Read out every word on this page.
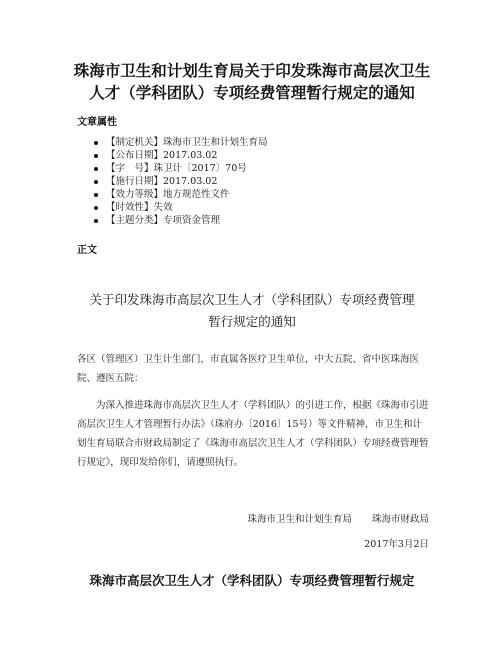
珠海市卫生和计划生育局关于印发珠海市高层次卫生
人才（学科团队）专项经费管理暂行规定的通知

文章属性

【制定机关】珠海市卫生和计划生育局
【公布日期】2017.03.02
【字　号】珠卫计〔2017〕70号
【施行日期】2017.03.02
【效力等级】地方规范性文件
【时效性】失效
【主题分类】专项资金管理

正文

关于印发珠海市高层次卫生人才（学科团队）专项经费管理
暂行规定的通知

各区（管理区）卫生计生部门，市直属各医疗卫生单位，中大五院、省中医珠海医院、遵医五院：

为深入推进珠海市高层次卫生人才（学科团队）的引进工作，根据《珠海市引进高层次卫生人才管理暂行办法》（珠府办〔2016〕15号）等文件精神，市卫生和计划生育局联合市财政局制定了《珠海市高层次卫生人才（学科团队）专项经费管理暂行规定》，现印发给你们，请遵照执行。

珠海市卫生和计划生育局 珠海市财政局

2017年3月2日

珠海市高层次卫生人才（学科团队）专项经费管理暂行规定
